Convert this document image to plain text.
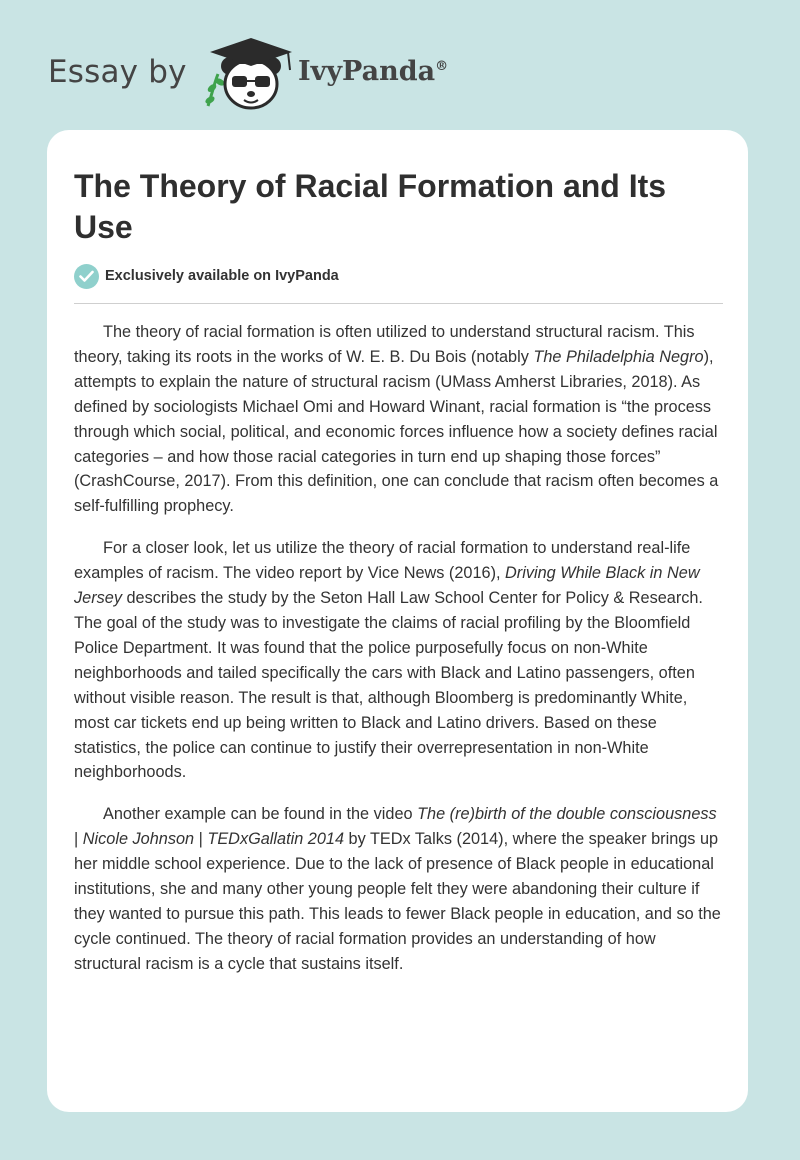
Essay by	IvyPanda®
The Theory of Racial Formation and Its Use
Exclusively available on IvyPanda

The theory of racial formation is often utilized to understand structural racism. This theory, taking its roots in the works of W. E. B. Du Bois (notably The Philadelphia Negro), attempts to explain the nature of structural racism (UMass Amherst Libraries, 2018). As defined by sociologists Michael Omi and Howard Winant, racial formation is “the process through which social, political, and economic forces influence how a society defines racial categories – and how those racial categories in turn end up shaping those forces” (CrashCourse, 2017). From this definition, one can conclude that racism often becomes a self-fulfilling prophecy.

For a closer look, let us utilize the theory of racial formation to understand real-life examples of racism. The video report by Vice News (2016), Driving While Black in New Jersey describes the study by the Seton Hall Law School Center for Policy & Research. The goal of the study was to investigate the claims of racial profiling by the Bloomfield Police Department. It was found that the police purposefully focus on non-White neighborhoods and tailed specifically the cars with Black and Latino passengers, often without visible reason. The result is that, although Bloomberg is predominantly White, most car tickets end up being written to Black and Latino drivers. Based on these statistics, the police can continue to justify their overrepresentation in non-White neighborhoods.

Another example can be found in the video The (re)birth of the double consciousness | Nicole Johnson | TEDxGallatin 2014 by TEDx Talks (2014), where the speaker brings up her middle school experience. Due to the lack of presence of Black people in educational institutions, she and many other young people felt they were abandoning their culture if they wanted to pursue this path. This leads to fewer Black people in education, and so the cycle continued. The theory of racial formation provides an understanding of how structural racism is a cycle that sustains itself.
